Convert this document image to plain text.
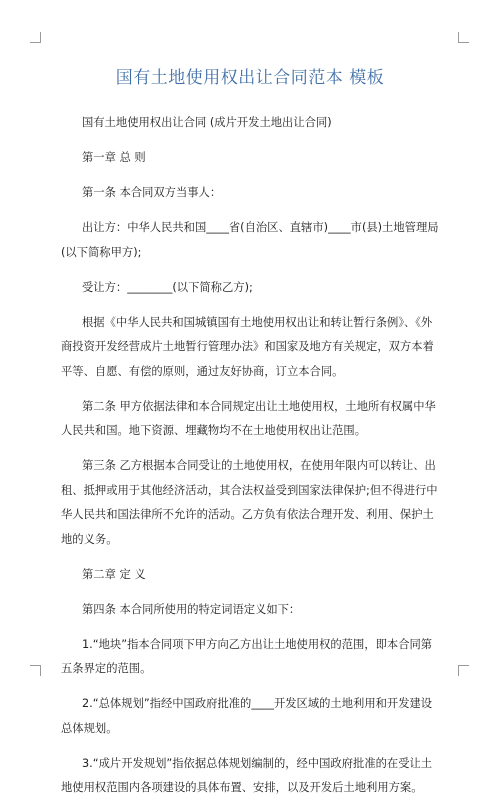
国有土地使用权出让合同范本 模板

国有土地使用权出让合同 (成片开发土地出让合同)

第一章 总 则

第一条 本合同双方当事人：

出让方：中华人民共和国____省(自治区、直辖市)____市(县)土地管理局(以下简称甲方);

受让方：________(以下简称乙方);

根据《中华人民共和国城镇国有土地使用权出让和转让暂行条例》、《外商投资开发经营成片土地暂行管理办法》和国家及地方有关规定，双方本着平等、自愿、有偿的原则，通过友好协商，订立本合同。

第二条 甲方依据法律和本合同规定出让土地使用权，土地所有权属中华人民共和国。地下资源、埋藏物均不在土地使用权出让范围。

第三条 乙方根据本合同受让的土地使用权，在使用年限内可以转让、出租、抵押或用于其他经济活动，其合法权益受到国家法律保护;但不得进行中华人民共和国法律所不允许的活动。乙方负有依法合理开发、利用、保护土地的义务。

第二章 定 义

第四条 本合同所使用的特定词语定义如下：

1.“地块”指本合同项下甲方向乙方出让土地使用权的范围，即本合同第五条界定的范围。

2.“总体规划”指经中国政府批准的____开发区域的土地利用和开发建设总体规划。

3.“成片开发规划”指依据总体规划编制的，经中国政府批准的在受让土地使用权范围内各项建设的具体布置、安排，以及开发后土地利用方案。
